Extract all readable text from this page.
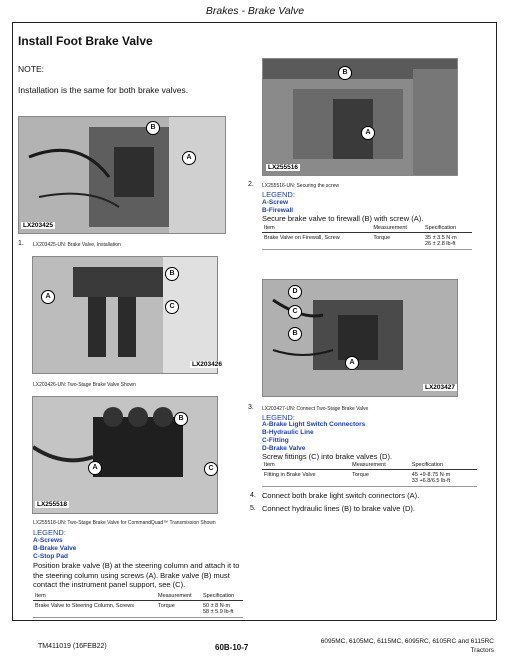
Brakes - Brake Valve
Install Foot Brake Valve
NOTE:
Installation is the same for both brake valves.
B
A
LX203425
1. LX203425-UN: Brake Valve, Installation
B
A
C
LX203426
LX203426-UN: Two-Stage Brake Valve Shown
B
A	C
LX255518
LX255518-UN: Two-Stage Brake Valve for CommandQuad™ Transmission Shown
LEGEND:
A-Screws
B-Brake Valve
C-Stop Pad
Position brake valve (B) at the steering column and attach it to the steering column using screws (A). Brake valve (B) must contact the instrument panel support, see (C).
Item	Measurement	Specification
Brake Valve to Steering Column, Screws	Torque	50 ± 8 N·m
58 ± 5.9 lb-ft
B
A
LX255516
2. LX255516-UN: Securing the screw
LEGEND:
A-Screw
B-Firewall
Secure brake valve to firewall (B) with screw (A).
Item	Measurement	Specification
Brake Valve on Firewall, Screw	Torque	35 ± 3.5 N·m
26 ± 2.8 lb-ft
D
C
B
A
LX203427
3. LX203427-UN: Connect Two-Stage Brake Valve
LEGEND:
A-Brake Light Switch Connectors
B-Hydraulic Line
C-Fitting
D-Brake Valve
Screw fittings (C) into brake valves (D).
Item	Measurement	Specification
Fitting in Brake Valve	Torque	45 +9-8.75 N·m
33 +6.8/6.5 lb-ft
4. Connect both brake light switch connectors (A).
5. Connect hydraulic lines (B) to brake valve (D).
TM411019 (16FEB22)	60B-10-7
6095MC, 6105MC, 6115MC, 6095RC, 6105RC and 6115RC
Tractors
